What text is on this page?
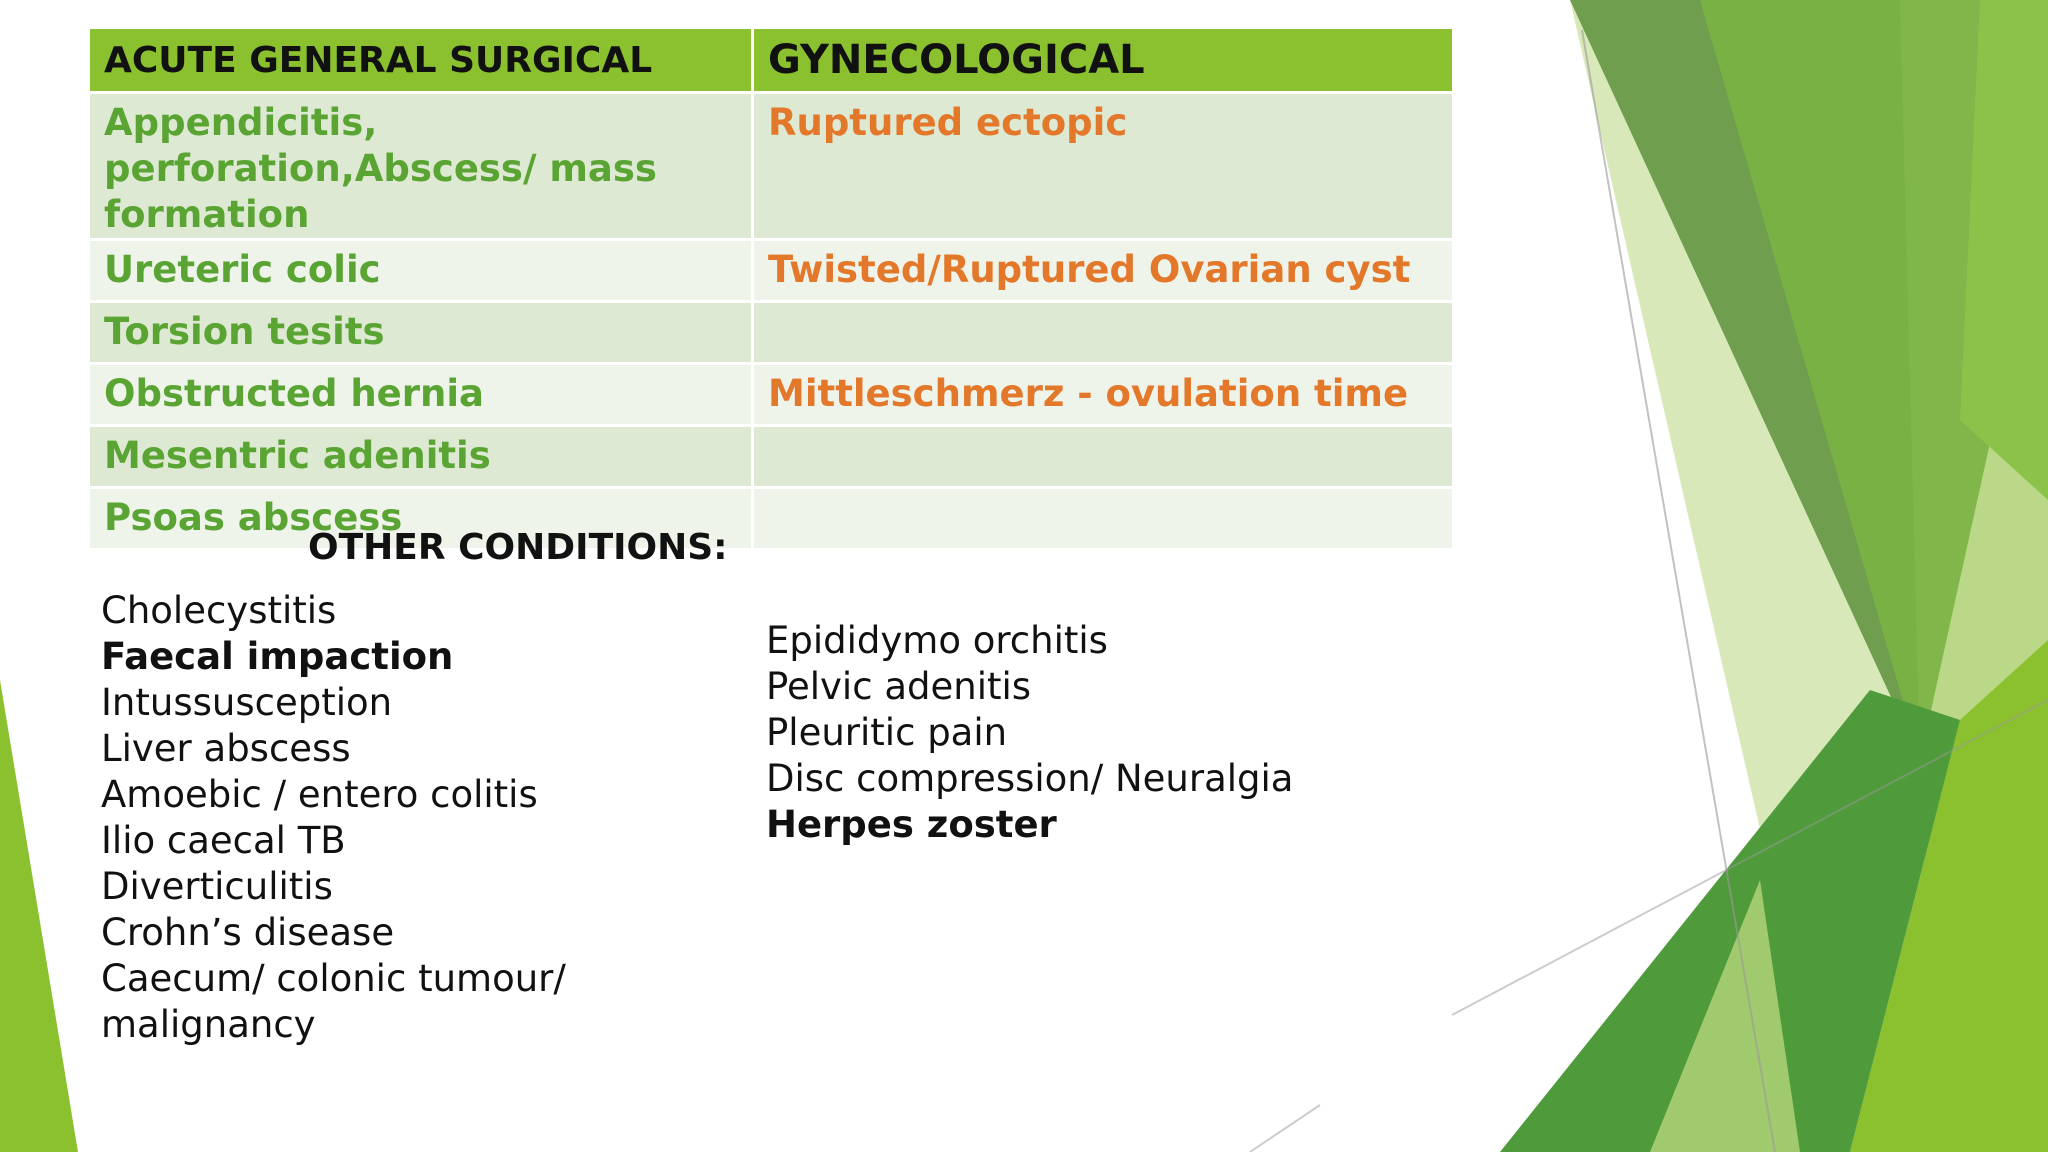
ACUTE GENERAL SURGICAL	GYNECOLOGICAL
Appendicitis, perforation,Abscess/ mass formation	Ruptured ectopic
Ureteric colic	Twisted/Ruptured Ovarian cyst
Torsion tesits	
Obstructed hernia	Mittleschmerz - ovulation time
Mesentric adenitis	
Psoas abscess	
OTHER CONDITIONS:
Cholecystitis
Faecal impaction
Intussusception
Liver abscess
Amoebic / entero colitis
Ilio caecal TB
Diverticulitis
Crohn’s disease
Caecum/ colonic tumour/
malignancy
Epididymo orchitis
Pelvic adenitis
Pleuritic pain
Disc compression/ Neuralgia
Herpes zoster
